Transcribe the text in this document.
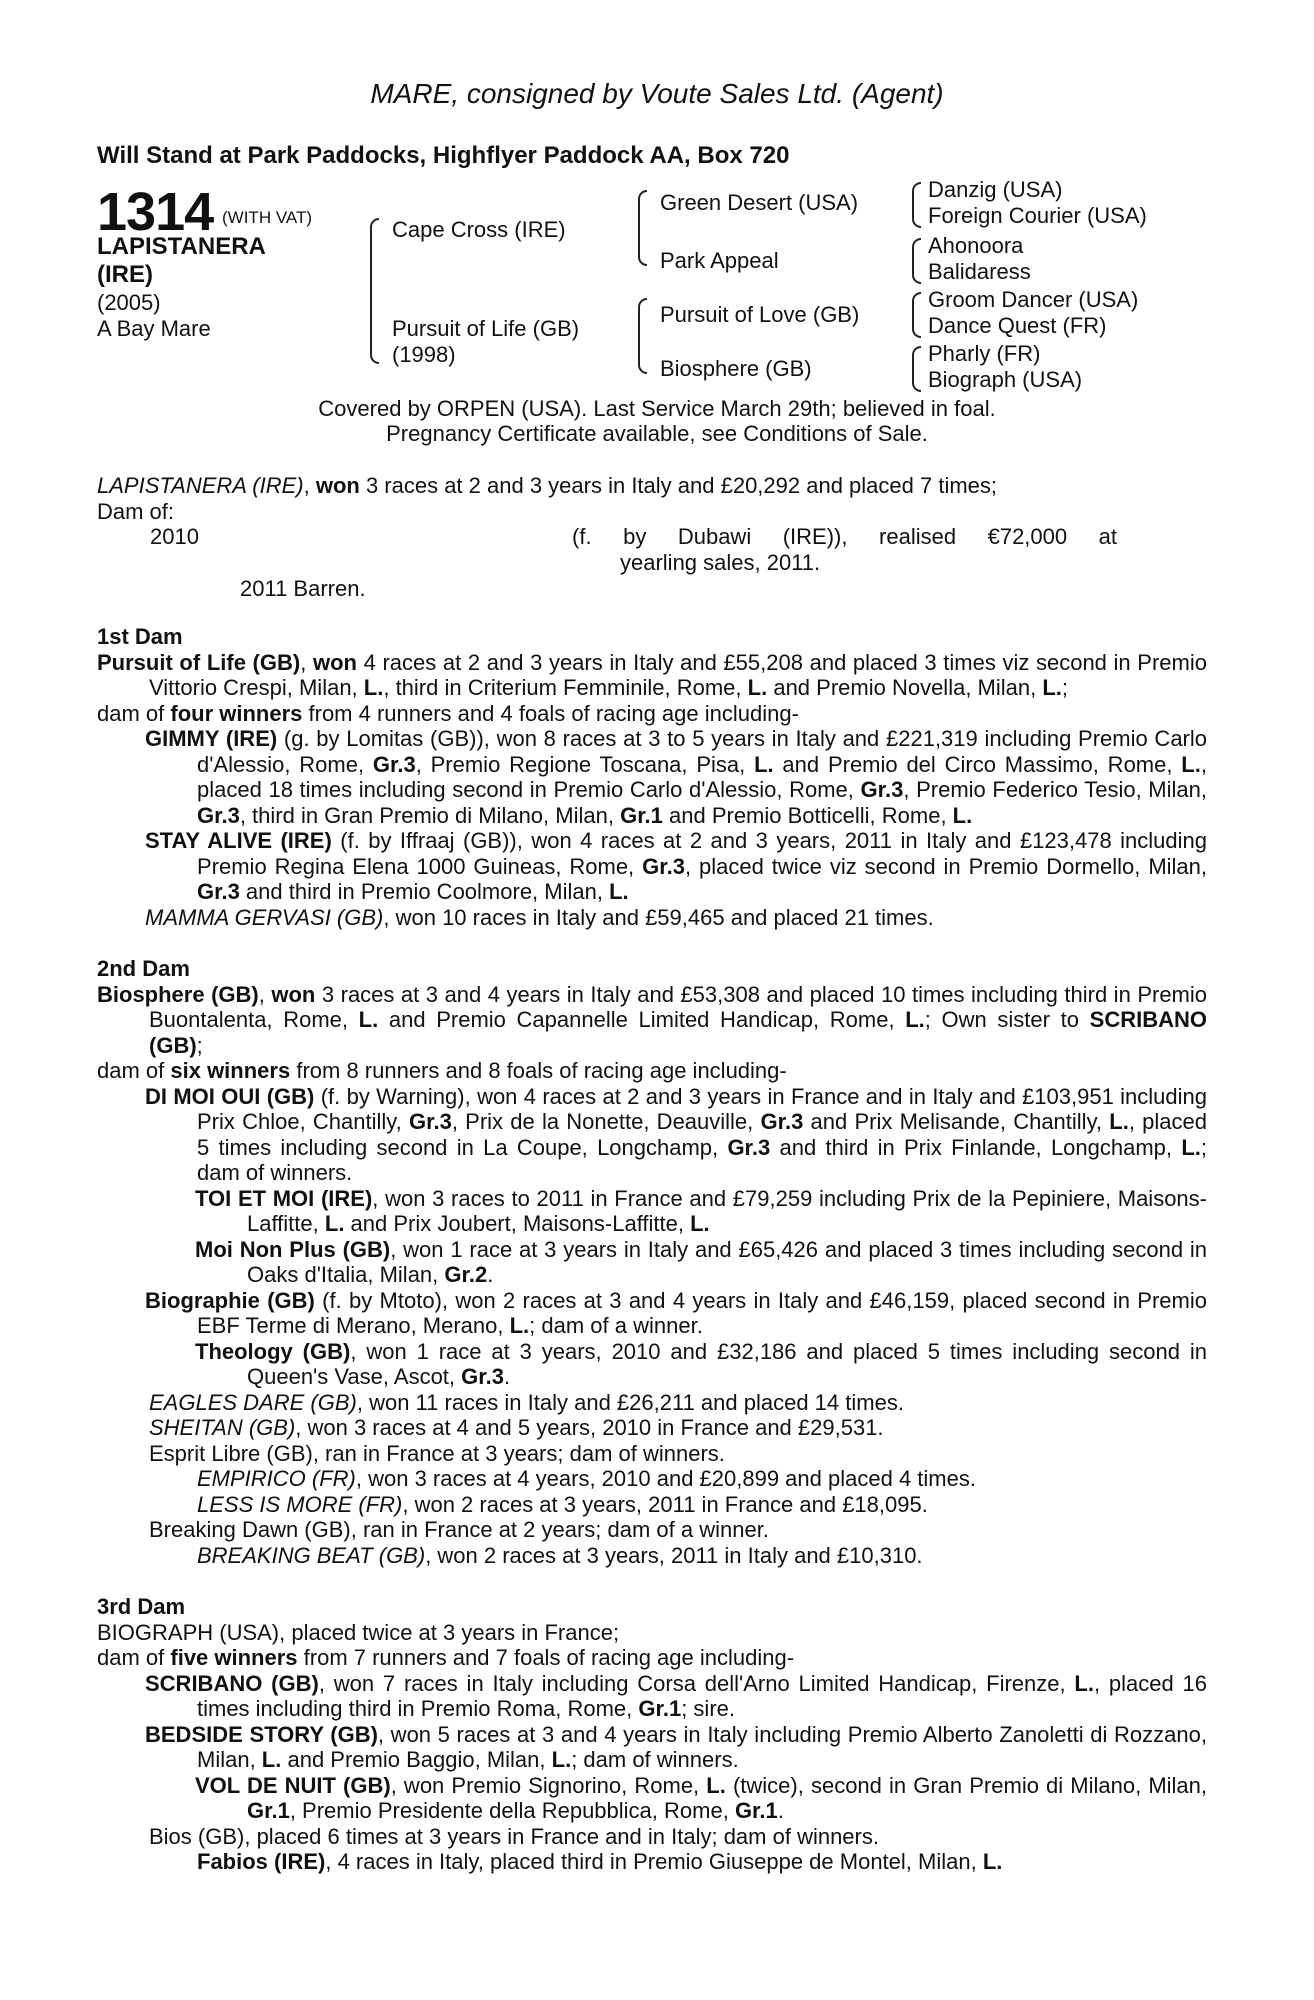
MARE, consigned by Voute Sales Ltd. (Agent)
Will Stand at Park Paddocks, Highflyer Paddock AA, Box 720
1314 (WITH VAT)
LAPISTANERA
(IRE)
(2005)
A Bay Mare
Cape Cross (IRE)
Pursuit of Life (GB)
(1998)
Green Desert (USA)
Park Appeal
Pursuit of Love (GB)
Biosphere (GB)
Danzig (USA)
Foreign Courier (USA)
Ahonoora
Balidaress
Groom Dancer (USA)
Dance Quest (FR)
Pharly (FR)
Biograph (USA)
Covered by ORPEN (USA). Last Service March 29th; believed in foal.
Pregnancy Certificate available, see Conditions of Sale.
LAPISTANERA (IRE), won 3 races at 2 and 3 years in Italy and £20,292 and placed 7 times;
Dam of:
2010	(f. by Dubawi (IRE)), realised €72,000 at
yearling sales, 2011.
2011 Barren.

1st Dam

Pursuit of Life (GB), won 4 races at 2 and 3 years in Italy and £55,208 and placed 3 times viz second in Premio Vittorio Crespi, Milan, L., third in Criterium Femminile, Rome, L. and Premio Novella, Milan, L.;

dam of four winners from 4 runners and 4 foals of racing age including-

GIMMY (IRE) (g. by Lomitas (GB)), won 8 races at 3 to 5 years in Italy and £221,319 including Premio Carlo d'Alessio, Rome, Gr.3, Premio Regione Toscana, Pisa, L. and Premio del Circo Massimo, Rome, L., placed 18 times including second in Premio Carlo d'Alessio, Rome, Gr.3, Premio Federico Tesio, Milan, Gr.3, third in Gran Premio di Milano, Milan, Gr.1 and Premio Botticelli, Rome, L.

STAY ALIVE (IRE) (f. by Iffraaj (GB)), won 4 races at 2 and 3 years, 2011 in Italy and £123,478 including Premio Regina Elena 1000 Guineas, Rome, Gr.3, placed twice viz second in Premio Dormello, Milan, Gr.3 and third in Premio Coolmore, Milan, L.

MAMMA GERVASI (GB), won 10 races in Italy and £59,465 and placed 21 times.

2nd Dam

Biosphere (GB), won 3 races at 3 and 4 years in Italy and £53,308 and placed 10 times including third in Premio Buontalenta, Rome, L. and Premio Capannelle Limited Handicap, Rome, L.; Own sister to SCRIBANO (GB);

dam of six winners from 8 runners and 8 foals of racing age including-

DI MOI OUI (GB) (f. by Warning), won 4 races at 2 and 3 years in France and in Italy and £103,951 including Prix Chloe, Chantilly, Gr.3, Prix de la Nonette, Deauville, Gr.3 and Prix Melisande, Chantilly, L., placed 5 times including second in La Coupe, Longchamp, Gr.3 and third in Prix Finlande, Longchamp, L.; dam of winners.

TOI ET MOI (IRE), won 3 races to 2011 in France and £79,259 including Prix de la Pepiniere, Maisons-Laffitte, L. and Prix Joubert, Maisons-Laffitte, L.

Moi Non Plus (GB), won 1 race at 3 years in Italy and £65,426 and placed 3 times including second in Oaks d'Italia, Milan, Gr.2.

Biographie (GB) (f. by Mtoto), won 2 races at 3 and 4 years in Italy and £46,159, placed second in Premio EBF Terme di Merano, Merano, L.; dam of a winner.

Theology (GB), won 1 race at 3 years, 2010 and £32,186 and placed 5 times including second in Queen's Vase, Ascot, Gr.3.

EAGLES DARE (GB), won 11 races in Italy and £26,211 and placed 14 times.

SHEITAN (GB), won 3 races at 4 and 5 years, 2010 in France and £29,531.

Esprit Libre (GB), ran in France at 3 years; dam of winners.

EMPIRICO (FR), won 3 races at 4 years, 2010 and £20,899 and placed 4 times.

LESS IS MORE (FR), won 2 races at 3 years, 2011 in France and £18,095.

Breaking Dawn (GB), ran in France at 2 years; dam of a winner.

BREAKING BEAT (GB), won 2 races at 3 years, 2011 in Italy and £10,310.

3rd Dam

BIOGRAPH (USA), placed twice at 3 years in France;

dam of five winners from 7 runners and 7 foals of racing age including-

SCRIBANO (GB), won 7 races in Italy including Corsa dell'Arno Limited Handicap, Firenze, L., placed 16 times including third in Premio Roma, Rome, Gr.1; sire.

BEDSIDE STORY (GB), won 5 races at 3 and 4 years in Italy including Premio Alberto Zanoletti di Rozzano, Milan, L. and Premio Baggio, Milan, L.; dam of winners.

VOL DE NUIT (GB), won Premio Signorino, Rome, L. (twice), second in Gran Premio di Milano, Milan, Gr.1, Premio Presidente della Repubblica, Rome, Gr.1.

Bios (GB), placed 6 times at 3 years in France and in Italy; dam of winners.

Fabios (IRE), 4 races in Italy, placed third in Premio Giuseppe de Montel, Milan, L.
